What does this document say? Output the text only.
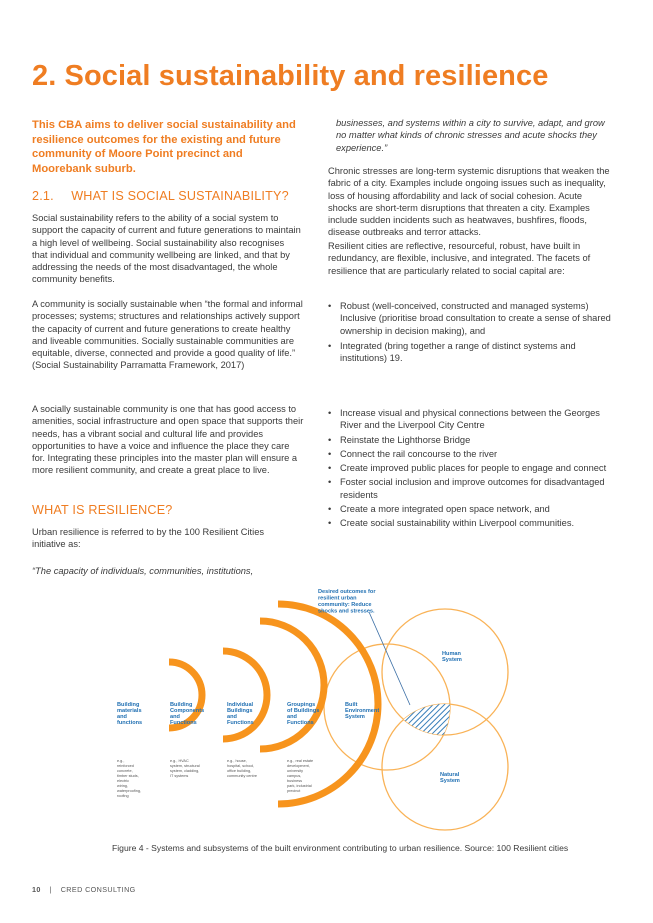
2. Social sustainability and resilience
This CBA aims to deliver social sustainability and resilience outcomes for the existing and future community of Moore Point precinct and Moorebank suburb.
2.1. WHAT IS SOCIAL SUSTAINABILITY?
Social sustainability refers to the ability of a social system to support the capacity of current and future generations to maintain a high level of wellbeing. Social sustainability also recognises that individual and community wellbeing are linked, and that by addressing the needs of the most disadvantaged, the whole community benefits.
A community is socially sustainable when “the formal and informal processes; systems; structures and relationships actively support the capacity of current and future generations to create healthy and liveable communities. Socially sustainable communities are equitable, diverse, connected and provide a good quality of life.” (Social Sustainability Parramatta Framework, 2017)
A socially sustainable community is one that has good access to amenities, social infrastructure and open space that supports their needs, has a vibrant social and cultural life and provides opportunities to have a voice and influence the place they care for. Integrating these principles into the master plan will ensure a more resilient community, and create a great place to live.
WHAT IS RESILIENCE?
Urban resilience is referred to by the 100 Resilient Cities initiative as:
“The capacity of individuals, communities, institutions,
businesses, and systems within a city to survive, adapt, and grow no matter what kinds of chronic stresses and acute shocks they experience.”
Chronic stresses are long-term systemic disruptions that weaken the fabric of a city. Examples include ongoing issues such as inequality, loss of housing affordability and lack of social cohesion. Acute shocks are short-term disruptions that threaten a city. Examples include sudden incidents such as heatwaves, bushfires, floods, disease outbreaks and terror attacks.
Resilient cities are reflective, resourceful, robust, have built in redundancy, are flexible, inclusive, and integrated. The facets of resilience that are particularly related to social capital are:
• Robust (well-conceived, constructed and managed systems) Inclusive (prioritise broad consultation to create a sense of shared ownership in decision making), and
• Integrated (bring together a range of distinct systems and institutions) 19.
• Increase visual and physical connections between the Georges River and the Liverpool City Centre
• Reinstate the Lighthorse Bridge
• Connect the rail concourse to the river
• Create improved public places for people to engage and connect
• Foster social inclusion and improve outcomes for disadvantaged residents
• Create a more integrated open space network, and
• Create social sustainability within Liverpool communities.
Desired outcomes for
resilient urban
community: Reduce
shocks and stresses.
Building
materials
and
functions
Building
Components
and
Functions
Individual
Buildings
and
Functions
Groupings
of Buildings
and
Functions
Built
Environment
System
Human
System
Natural
System
e.g.,
reinforced
concrete,
timber studs,
electric
wiring,
waterproofing,
roofing
e.g., HVAC
system, structural
system, cladding,
IT systems
e.g., house,
hospital, school,
office building,
community centre
e.g., real estate
development,
university
campus,
business
park, industrial
precinct
Figure 4 - Systems and subsystems of the built environment contributing to urban resilience. Source: 100 Resilient cities
10 | CRED CONSULTING
